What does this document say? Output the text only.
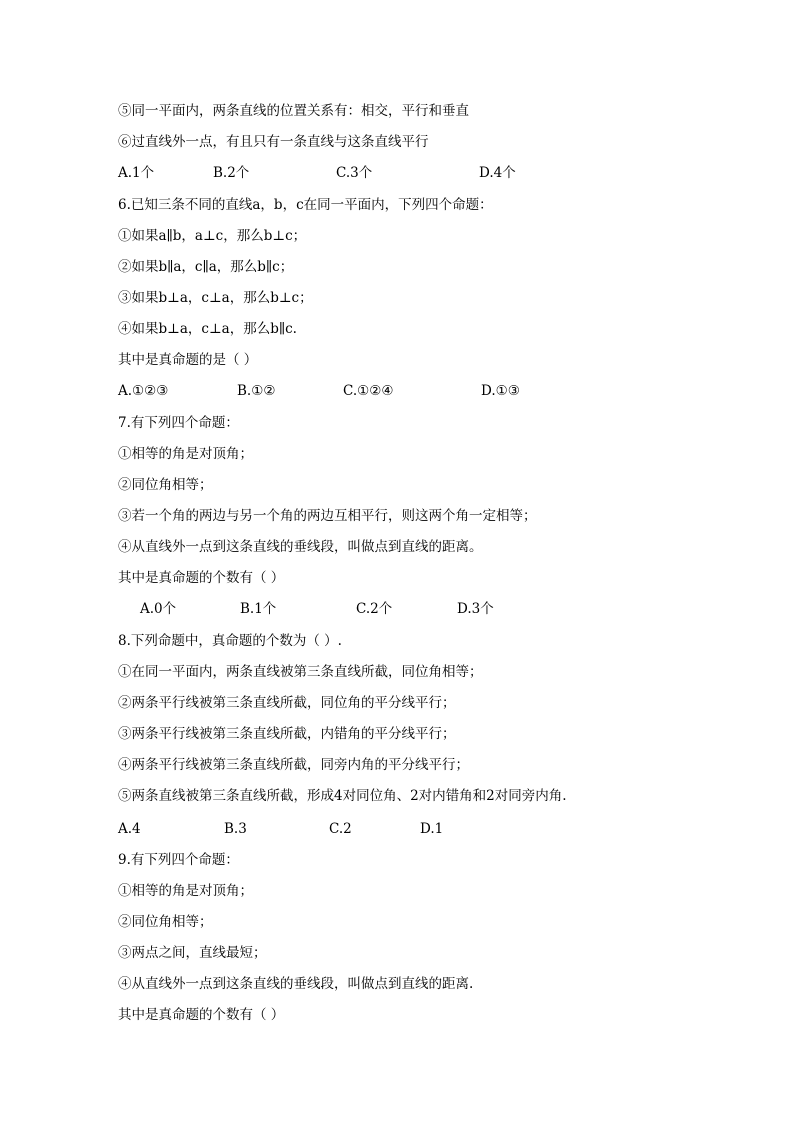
⑤同一平面内，两条直线的位置关系有：相交，平行和垂直
⑥过直线外一点，有且只有一条直线与这条直线平行
A.1个	B.2个	C.3个	D.4个
6.已知三条不同的直线a，b，c在同一平面内，下列四个命题：
①如果a∥b，a⊥c，那么b⊥c；
②如果b∥a，c∥a，那么b∥c；
③如果b⊥a，c⊥a，那么b⊥c；
④如果b⊥a，c⊥a，那么b∥c.
其中是真命题的是（ ）
A.①②③	B.①②	C.①②④	D.①③
7.有下列四个命题：
①相等的角是对顶角；
②同位角相等；
③若一个角的两边与另一个角的两边互相平行，则这两个角一定相等；
④从直线外一点到这条直线的垂线段，叫做点到直线的距离。
其中是真命题的个数有（ ）
A.0个	B.1个	C.2个	D.3个
8.下列命题中，真命题的个数为（ ）.
①在同一平面内，两条直线被第三条直线所截，同位角相等；
②两条平行线被第三条直线所截，同位角的平分线平行；
③两条平行线被第三条直线所截，内错角的平分线平行；
④两条平行线被第三条直线所截，同旁内角的平分线平行；
⑤两条直线被第三条直线所截，形成4对同位角、2对内错角和2对同旁内角.
A.4	B.3	C.2	D.1
9.有下列四个命题：
①相等的角是对顶角；
②同位角相等；
③两点之间，直线最短；
④从直线外一点到这条直线的垂线段，叫做点到直线的距离.
其中是真命题的个数有（ ）
